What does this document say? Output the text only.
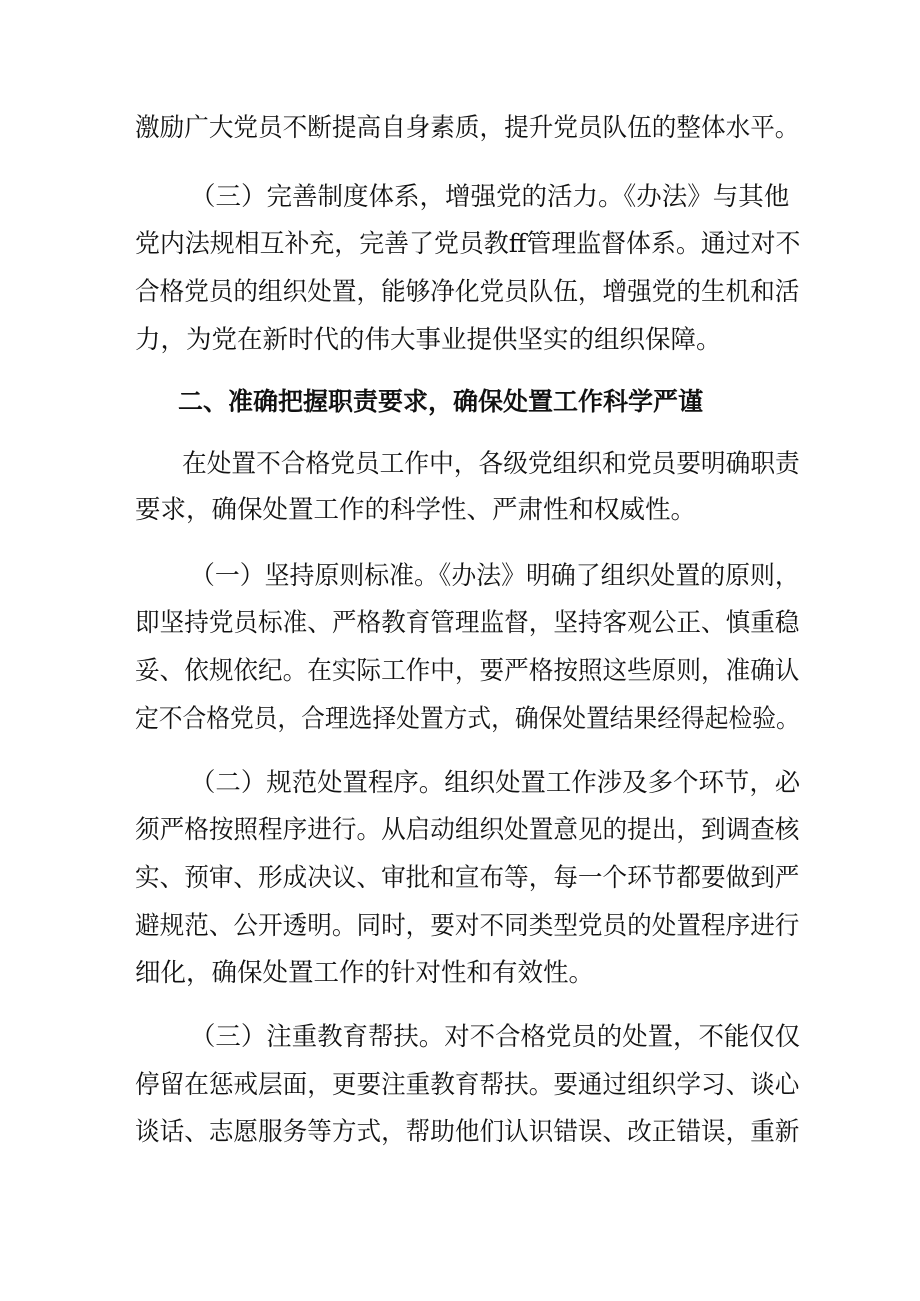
激励广大党员不断提高自身素质，提升党员队伍的整体水平。
（三）完善制度体系，增强党的活力。《办法》与其他
党内法规相互补充，完善了党员教ff管理监督体系。通过对不
合格党员的组织处置，能够净化党员队伍，增强党的生机和活
力，为党在新时代的伟大事业提供坚实的组织保障。
二、准确把握职责要求，确保处置工作科学严谨
在处置不合格党员工作中，各级党组织和党员要明确职责
要求，确保处置工作的科学性、严肃性和权威性。
（一）坚持原则标准。《办法》明确了组织处置的原则，
即坚持党员标准、严格教育管理监督，坚持客观公正、慎重稳
妥、依规依纪。在实际工作中，要严格按照这些原则，准确认
定不合格党员，合理选择处置方式，确保处置结果经得起检验。
（二）规范处置程序。组织处置工作涉及多个环节，必
须严格按照程序进行。从启动组织处置意见的提出，到调查核
实、预审、形成决议、审批和宣布等，每一个环节都要做到严
避规范、公开透明。同时，要对不同类型党员的处置程序进行
细化，确保处置工作的针对性和有效性。
（三）注重教育帮扶。对不合格党员的处置，不能仅仅
停留在惩戒层面，更要注重教育帮扶。要通过组织学习、谈心
谈话、志愿服务等方式，帮助他们认识错误、改正错误，重新
